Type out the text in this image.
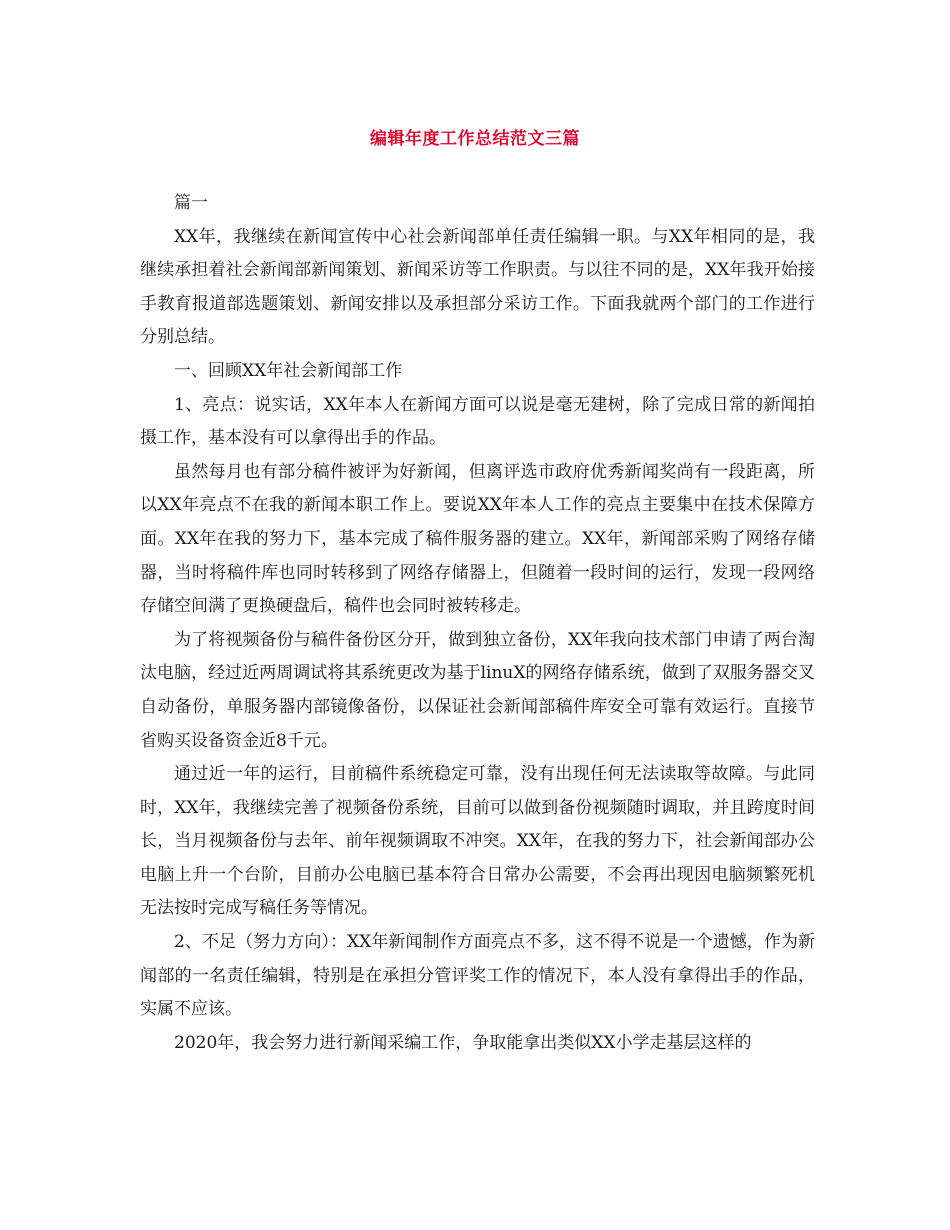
编辑年度工作总结范文三篇

篇一

XX年，我继续在新闻宣传中心社会新闻部单任责任编辑一职。与XX年相同的是，我继续承担着社会新闻部新闻策划、新闻采访等工作职责。与以往不同的是，XX年我开始接手教育报道部选题策划、新闻安排以及承担部分采访工作。下面我就两个部门的工作进行分别总结。

一、回顾XX年社会新闻部工作

1、亮点：说实话，XX年本人在新闻方面可以说是毫无建树，除了完成日常的新闻拍摄工作，基本没有可以拿得出手的作品。

虽然每月也有部分稿件被评为好新闻，但离评选市政府优秀新闻奖尚有一段距离，所以XX年亮点不在我的新闻本职工作上。要说XX年本人工作的亮点主要集中在技术保障方面。XX年在我的努力下，基本完成了稿件服务器的建立。XX年，新闻部采购了网络存储器，当时将稿件库也同时转移到了网络存储器上，但随着一段时间的运行，发现一段网络存储空间满了更换硬盘后，稿件也会同时被转移走。

为了将视频备份与稿件备份区分开，做到独立备份，XX年我向技术部门申请了两台淘汰电脑，经过近两周调试将其系统更改为基于linuX的网络存储系统，做到了双服务器交叉自动备份，单服务器内部镜像备份，以保证社会新闻部稿件库安全可靠有效运行。直接节省购买设备资金近8千元。

通过近一年的运行，目前稿件系统稳定可靠，没有出现任何无法读取等故障。与此同时，XX年，我继续完善了视频备份系统，目前可以做到备份视频随时调取，并且跨度时间长，当月视频备份与去年、前年视频调取不冲突。XX年，在我的努力下，社会新闻部办公电脑上升一个台阶，目前办公电脑已基本符合日常办公需要，不会再出现因电脑频繁死机无法按时完成写稿任务等情况。

2、不足（努力方向）：XX年新闻制作方面亮点不多，这不得不说是一个遗憾，作为新闻部的一名责任编辑，特别是在承担分管评奖工作的情况下，本人没有拿得出手的作品，实属不应该。

2020年，我会努力进行新闻采编工作，争取能拿出类似XX小学走基层这样的
